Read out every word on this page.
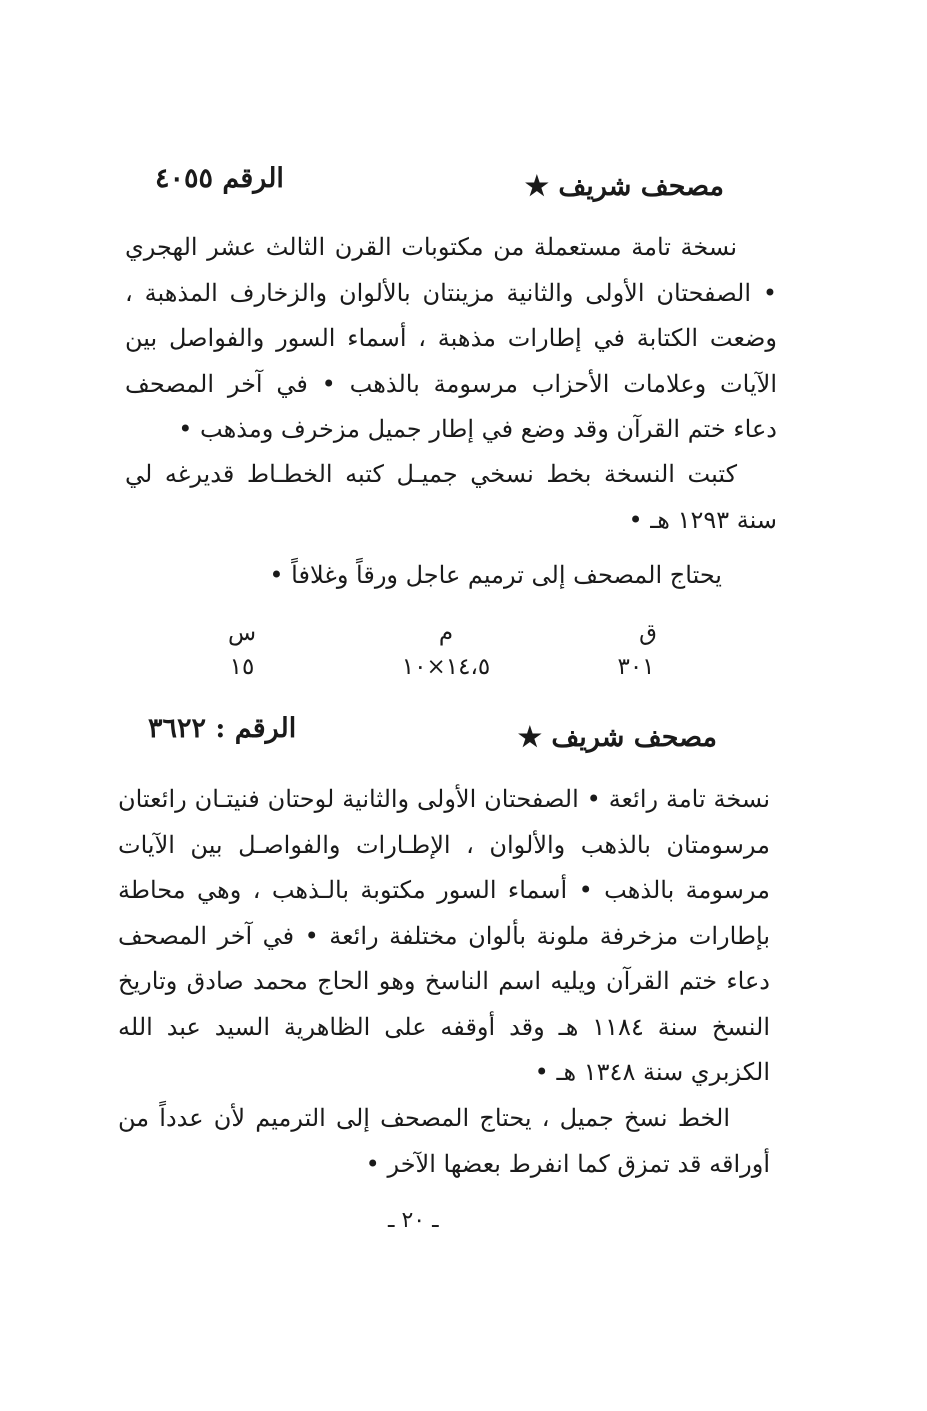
مصحف شريف ★
الرقم ٤٠٥٥
نسخة تامة مستعملة من مكتوبات القرن الثالث عشر الهجري • الصفحتان الأولى والثانية مزينتان بالألوان والزخارف المذهبة ، وضعت الكتابة في إطارات مذهبة ، أسماء السور والفواصل بين الآيات وعلامات الأحزاب مرسومة بالذهب • في آخر المصحف دعاء ختم القرآن وقد وضع في إطار جميل مزخرف ومذهب •
كتبت النسخة بخط نسخي جميـل كتبه الخطـاط قديرغه لي سنة ١٢٩٣ هـ •
يحتاج المصحف إلى ترميم عاجل ورقاً وغلافاً •
ق
م
س
٣٠١
١٤،٥×١٠
١٥
مصحف شريف ★
الرقم : ٣٦٢٢
نسخة تامة رائعة • الصفحتان الأولى والثانية لوحتان فنيتـان رائعتان مرسومتان بالذهب والألوان ، الإطـارات والفواصـل بين الآيات مرسومة بالذهب • أسماء السور مكتوبة بالـذهب ، وهي محاطة بإطارات مزخرفة ملونة بألوان مختلفة رائعة • في آخر المصحف دعاء ختم القرآن ويليه اسم الناسخ وهو الحاج محمد صادق وتاريخ النسخ سنة ١١٨٤ هـ وقد أوقفه على الظاهرية السيد عبد الله الكزبري سنة ١٣٤٨ هـ •
الخط نسخ جميل ، يحتاج المصحف إلى الترميم لأن عدداً من أوراقه قد تمزق كما انفرط بعضها الآخر •
ـ ٢٠ ـ
